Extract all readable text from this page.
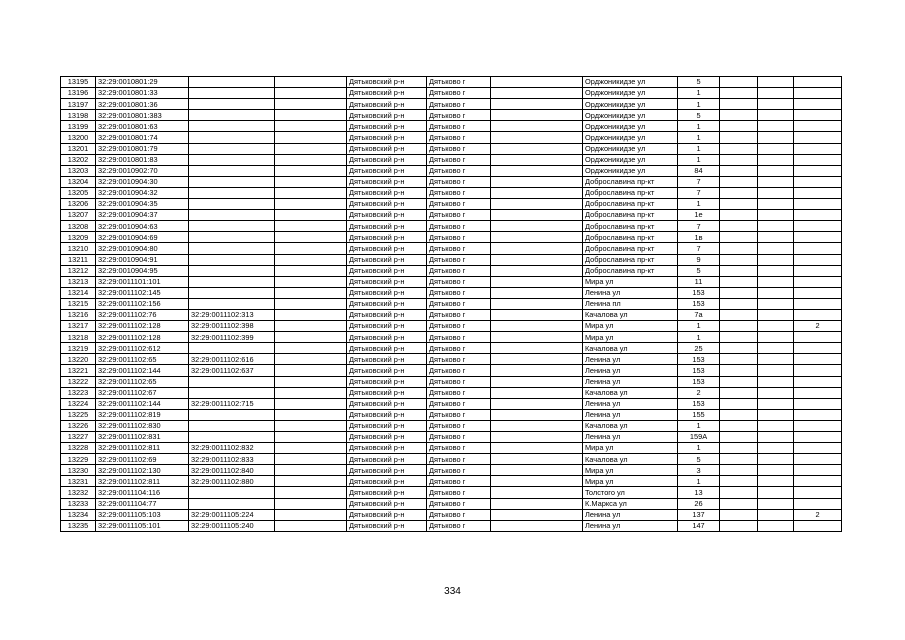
13195	32:29:0010801:29			Дятьковский р-н	Дятьково г		Орджоникидзе ул	5			
13196	32:29:0010801:33			Дятьковский р-н	Дятьково г		Орджоникидзе ул	1			
13197	32:29:0010801:36			Дятьковский р-н	Дятьково г		Орджоникидзе ул	1			
13198	32:29:0010801:383			Дятьковский р-н	Дятьково г		Орджоникидзе ул	5			
13199	32:29:0010801:63			Дятьковский р-н	Дятьково г		Орджоникидзе ул	1			
13200	32:29:0010801:74			Дятьковский р-н	Дятьково г		Орджоникидзе ул	1			
13201	32:29:0010801:79			Дятьковский р-н	Дятьково г		Орджоникидзе ул	1			
13202	32:29:0010801:83			Дятьковский р-н	Дятьково г		Орджоникидзе ул	1			
13203	32:29:0010902:70			Дятьковский р-н	Дятьково г		Орджоникидзе ул	84			
13204	32:29:0010904:30			Дятьковский р-н	Дятьково г		Доброславина пр-кт	7			
13205	32:29:0010904:32			Дятьковский р-н	Дятьково г		Доброславина пр-кт	7			
13206	32:29:0010904:35			Дятьковский р-н	Дятьково г		Доброславина пр-кт	1			
13207	32:29:0010904:37			Дятьковский р-н	Дятьково г		Доброславина пр-кт	1е			
13208	32:29:0010904:63			Дятьковский р-н	Дятьково г		Доброславина пр-кт	7			
13209	32:29:0010904:69			Дятьковский р-н	Дятьково г		Доброславина пр-кт	1в			
13210	32:29:0010904:80			Дятьковский р-н	Дятьково г		Доброславина пр-кт	7			
13211	32:29:0010904:91			Дятьковский р-н	Дятьково г		Доброславина пр-кт	9			
13212	32:29:0010904:95			Дятьковский р-н	Дятьково г		Доброславина пр-кт	5			
13213	32:29:0011101:101			Дятьковский р-н	Дятьково г		Мира ул	11			
13214	32:29:0011102:145			Дятьковский р-н	Дятьково г		Ленина ул	153			
13215	32:29:0011102:156			Дятьковский р-н	Дятьково г		Ленина пл	153			
13216	32:29:0011102:76	32:29:0011102:313		Дятьковский р-н	Дятьково г		Качалова ул	7а			
13217	32:29:0011102:128	32:29:0011102:398		Дятьковский р-н	Дятьково г		Мира ул	1			2
13218	32:29:0011102:128	32:29:0011102:399		Дятьковский р-н	Дятьково г		Мира ул	1			
13219	32:29:0011102:612			Дятьковский р-н	Дятьково г		Качалова ул	25			
13220	32:29:0011102:65	32:29:0011102:616		Дятьковский р-н	Дятьково г		Ленина ул	153			
13221	32:29:0011102:144	32:29:0011102:637		Дятьковский р-н	Дятьково г		Ленина ул	153			
13222	32:29:0011102:65			Дятьковский р-н	Дятьково г		Ленина ул	153			
13223	32:29:0011102:67			Дятьковский р-н	Дятьково г		Качалова ул	2			
13224	32:29:0011102:144	32:29:0011102:715		Дятьковский р-н	Дятьково г		Ленина ул	153			
13225	32:29:0011102:819			Дятьковский р-н	Дятьково г		Ленина ул	155			
13226	32:29:0011102:830			Дятьковский р-н	Дятьково г		Качалова ул	1			
13227	32:29:0011102:831			Дятьковский р-н	Дятьково г		Ленина ул	159А			
13228	32:29:0011102:811	32:29:0011102:832		Дятьковский р-н	Дятьково г		Мира ул	1			
13229	32:29:0011102:69	32:29:0011102:833		Дятьковский р-н	Дятьково г		Качалова ул	5			
13230	32:29:0011102:130	32:29:0011102:840		Дятьковский р-н	Дятьково г		Мира ул	3			
13231	32:29:0011102:811	32:29:0011102:880		Дятьковский р-н	Дятьково г		Мира ул	1			
13232	32:29:0011104:116			Дятьковский р-н	Дятьково г		Толстого ул	13			
13233	32:29:0011104:77			Дятьковский р-н	Дятьково г		К.Маркса ул	26			
13234	32:29:0011105:103	32:29:0011105:224		Дятьковский р-н	Дятьково г		Ленина ул	137			2
13235	32:29:0011105:101	32:29:0011105:240		Дятьковский р-н	Дятьково г		Ленина ул	147			
334
